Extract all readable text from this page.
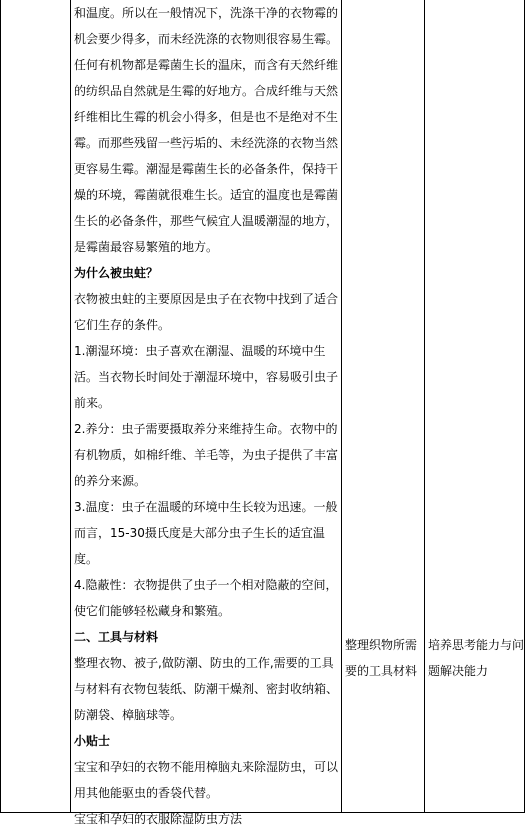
和温度。所以在一般情况下，洗涤干净的衣物霉的机会要少得多，而未经洗涤的衣物则很容易生霉。任何有机物都是霉菌生长的温床，而含有天然纤维的纺织品自然就是生霉的好地方。合成纤维与天然纤维相比生霉的机会小得多，但是也不是绝对不生霉。而那些残留一些污垢的、未经洗涤的衣物当然更容易生霉。潮湿是霉菌生长的必备条件，保持干燥的环境，霉菌就很难生长。适宜的温度也是霉菌生长的必备条件，那些气候宜人温暖潮湿的地方，是霉菌最容易繁殖的地方。

为什么被虫蛀？

衣物被虫蛀的主要原因是虫子在衣物中找到了适合它们生存的条件。

1.潮湿环境：虫子喜欢在潮湿、温暖的环境中生活。当衣物长时间处于潮湿环境中，容易吸引虫子前来。

2.养分：虫子需要摄取养分来维持生命。衣物中的有机物质，如棉纤维、羊毛等，为虫子提供了丰富的养分来源。

3.温度：虫子在温暖的环境中生长较为迅速。一般而言，15-30摄氏度是大部分虫子生长的适宜温度。

4.隐蔽性：衣物提供了虫子一个相对隐蔽的空间，使它们能够轻松藏身和繁殖。

二、工具与材料

整理衣物、被子,做防潮、防虫的工作,需要的工具与材料有衣物包装纸、防潮干燥剂、密封收纳箱、防潮袋、樟脑球等。

小贴士

宝宝和孕妇的衣物不能用樟脑丸来除湿防虫，可以用其他能驱虫的香袋代替。

宝宝和孕妇的衣服除湿防虫方法

整理织物所需要的工具材料

培养思考能力与问题解决能力
